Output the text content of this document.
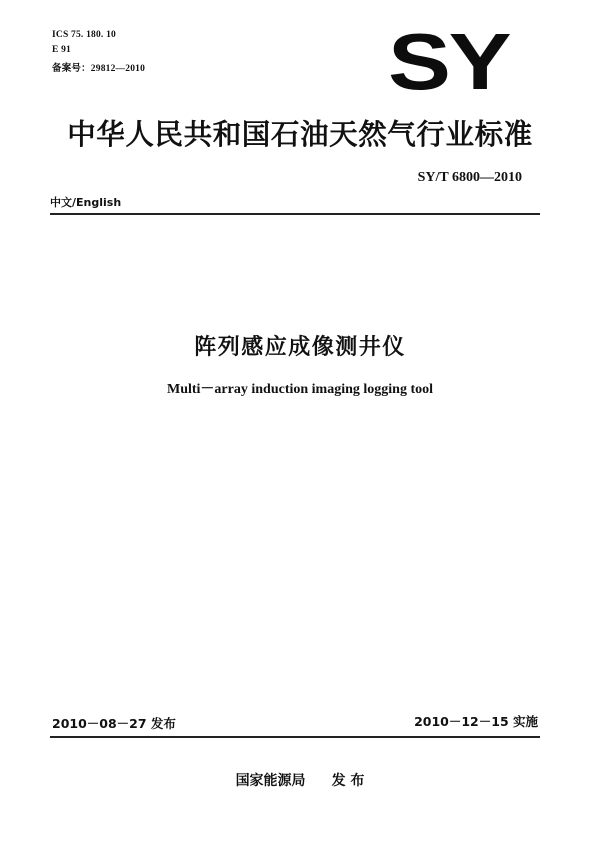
ICS 75. 180. 10
E 91
备案号：29812—2010	SY
中华人民共和国石油天然气行业标准
SY/T 6800—2010
中文/English
阵列感应成像测井仪
Multi－array induction imaging logging tool
2010－08－27 发布	2010－12－15 实施
国家能源局 发 布
